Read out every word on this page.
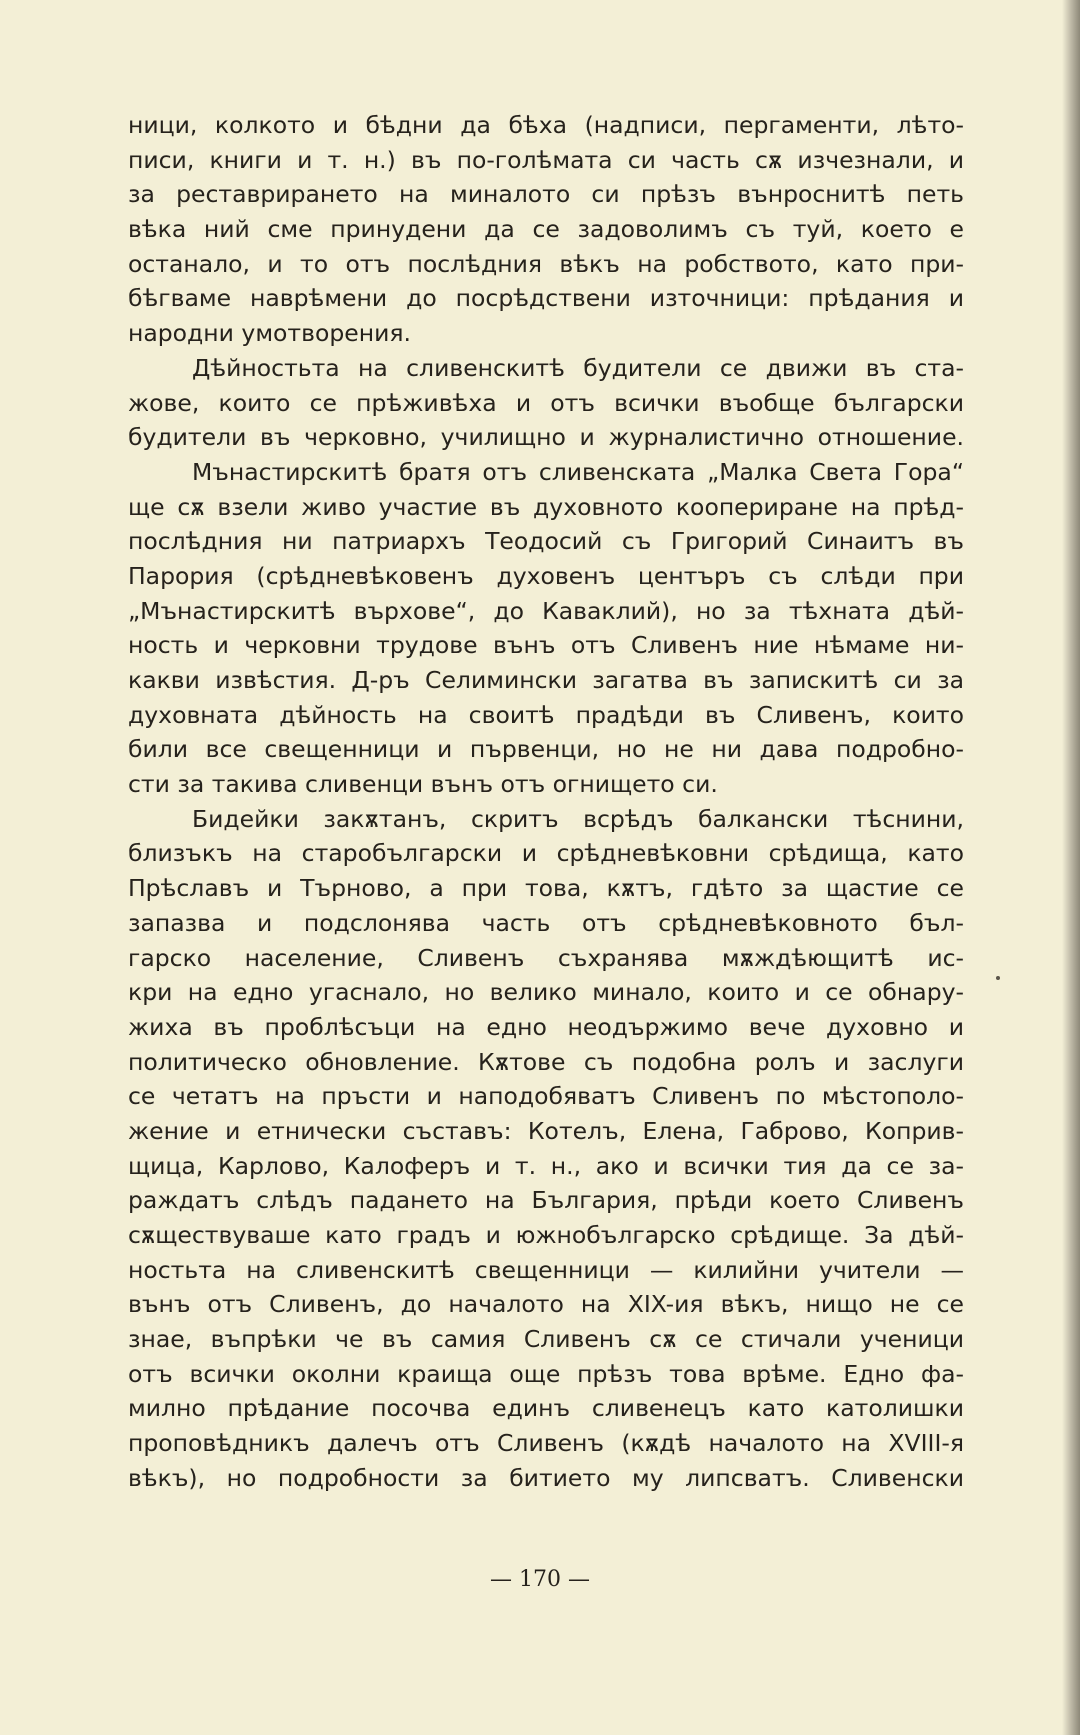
ници, колкото и бѣдни да бѣха (надписи, пергаменти, лѣто-
писи, книги и т. н.) въ по-голѣмата си часть сѫ изчезнали, и
за реставрирането на миналото си прѣзъ вънроснитѣ петь
вѣка ний сме принудени да се задоволимъ съ туй, което е
останало, и то отъ послѣдния вѣкъ на робството, като при-
бѣгваме наврѣмени до посрѣдствени източници: прѣдания и
народни умотворения.
Дѣйностьта на сливенскитѣ будители се движи въ ста-
жове, които се прѣживѣха и отъ всички въобще български
будители въ черковно, училищно и журналистично отношение.
Мънастирскитѣ братя отъ сливенската „Малка Света Гора“
ще сѫ взели живо участие въ духовното коопериране на прѣд-
послѣдния ни патриархъ Теодосий съ Григорий Синаитъ въ
Парория (срѣдневѣковенъ духовенъ центъръ съ слѣди при
„Мънастирскитѣ върхове“, до Каваклий), но за тѣхната дѣй-
ность и черковни трудове вънъ отъ Сливенъ ние нѣмаме ни-
какви извѣстия. Д-ръ Селимински загатва въ запискитѣ си за
духовната дѣйность на своитѣ прадѣди въ Сливенъ, които
били все свещенници и първенци, но не ни дава подробно-
сти за такива сливенци вънъ отъ огнището си.
Бидейки закѫтанъ, скритъ всрѣдъ балкански тѣснини,
близъкъ на старобългарски и срѣдневѣковни срѣдища, като
Прѣславъ и Търново, а при това, кѫтъ, гдѣто за щастие се
запазва и подслонява часть отъ срѣдневѣковното бъл-
гарско население, Сливенъ съхранява мѫждѣющитѣ ис-
кри на едно угаснало, но велико минало, които и се обнару-
жиха въ проблѣсъци на едно неодържимо вече духовно и
политическо обновление. Кѫтове съ подобна ролъ и заслуги
се четатъ на пръсти и наподобяватъ Сливенъ по мѣстополо-
жение и етнически съставъ: Котелъ, Елена, Габрово, Коприв-
щица, Карлово, Калоферъ и т. н., ако и всички тия да се за-
раждатъ слѣдъ падането на България, прѣди което Сливенъ
сѫществуваше като градъ и южнобългарско срѣдище. За дѣй-
ностьта на сливенскитѣ свещенници — килийни учители —
вънъ отъ Сливенъ, до началото на XIX-ия вѣкъ, нищо не се
знае, въпрѣки че въ самия Сливенъ сѫ се стичали ученици
отъ всички околни краища още прѣзъ това врѣме. Едно фа-
милно прѣдание посочва единъ сливенецъ като католишки
проповѣдникъ далечъ отъ Сливенъ (кѫдѣ началото на XVIII-я
вѣкъ), но подробности за битието му липсватъ. Сливенски
— 170 —
